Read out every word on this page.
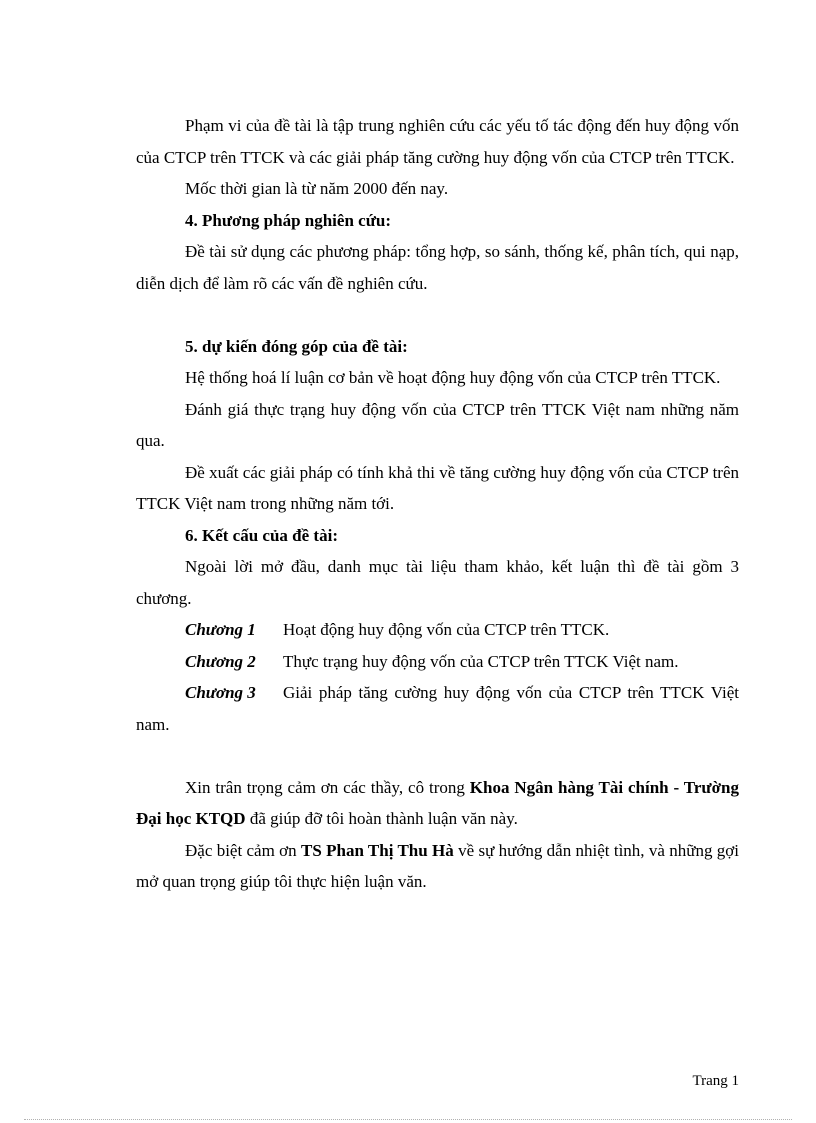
Phạm vi của đề tài là tập trung nghiên cứu các yếu tố tác động đến huy động vốn của CTCP trên TTCK và các giải pháp tăng cường huy động vốn của CTCP trên TTCK.

Mốc thời gian là từ năm 2000 đến nay.

4. Phương pháp nghiên cứu:

Đề tài sử dụng các phương pháp: tổng hợp, so sánh, thống kế, phân tích, qui nạp, diễn dịch để làm rõ các vấn đề nghiên cứu.

5. dự kiến đóng góp của đề tài:

Hệ thống hoá lí luận cơ bản về hoạt động huy động vốn của CTCP trên TTCK.

Đánh giá thực trạng huy động vốn của CTCP trên TTCK Việt nam những năm qua.

Đề xuất các giải pháp có tính khả thi về tăng cường huy động vốn của CTCP trên TTCK Việt nam trong những năm tới.

6. Kết cấu của đề tài:

Ngoài lời mở đầu, danh mục tài liệu tham khảo, kết luận thì đề tài gồm 3 chương.

Chương 1 Hoạt động huy động vốn của CTCP trên TTCK.

Chương 2 Thực trạng huy động vốn của CTCP trên TTCK Việt nam.

Chương 3 Giải pháp tăng cường huy động vốn của CTCP trên TTCK Việt nam.

Xin trân trọng cảm ơn các thầy, cô trong Khoa Ngân hàng Tài chính - Trường Đại học KTQD đã giúp đỡ tôi hoàn thành luận văn này.

Đặc biệt cảm ơn TS Phan Thị Thu Hà về sự hướng dẫn nhiệt tình, và những gợi mở quan trọng giúp tôi thực hiện luận văn.

Trang 1
